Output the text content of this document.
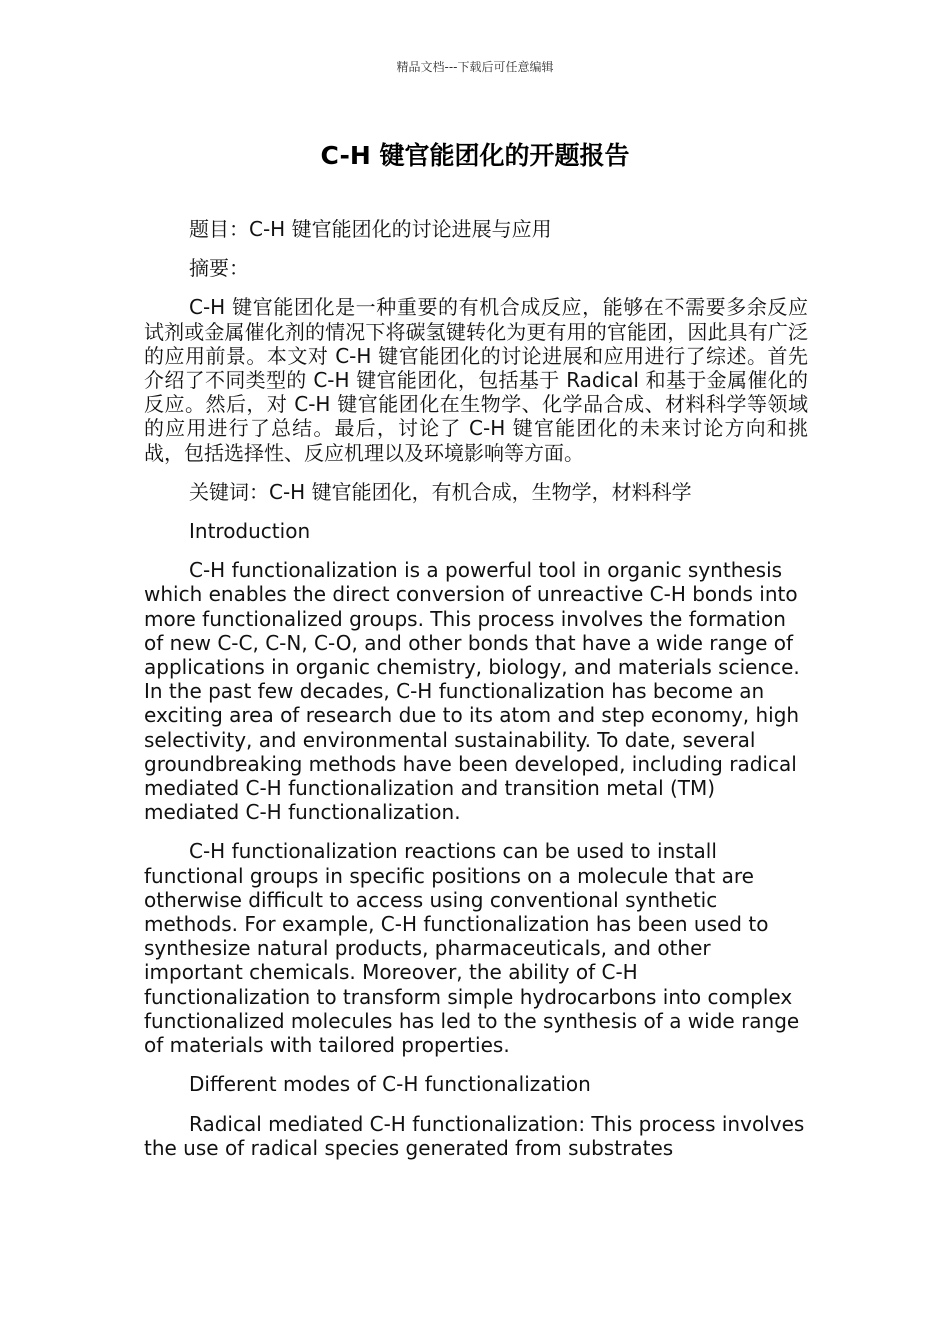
精品文档---下载后可任意编辑
C-H 键官能团化的开题报告

题目：C-H 键官能团化的讨论进展与应用

摘要：

C-H 键官能团化是一种重要的有机合成反应，能够在不需要多余反应试剂或金属催化剂的情况下将碳氢键转化为更有用的官能团，因此具有广泛的应用前景。本文对 C-H 键官能团化的讨论进展和应用进行了综述。首先介绍了不同类型的 C-H 键官能团化，包括基于 Radical 和基于金属催化的反应。然后，对 C-H 键官能团化在生物学、化学品合成、材料科学等领域的应用进行了总结。最后，讨论了 C-H 键官能团化的未来讨论方向和挑战，包括选择性、反应机理以及环境影响等方面。

关键词：C-H 键官能团化，有机合成，生物学，材料科学

Introduction

C-H functionalization is a powerful tool in organic synthesis which enables the direct conversion of unreactive C-H bonds into more functionalized groups. This process involves the formation of new C-C, C-N, C-O, and other bonds that have a wide range of applications in organic chemistry, biology, and materials science. In the past few decades, C-H functionalization has become an exciting area of research due to its atom and step economy, high selectivity, and environmental sustainability. To date, several groundbreaking methods have been developed, including radical mediated C-H functionalization and transition metal (TM) mediated C-H functionalization.

C-H functionalization reactions can be used to install functional groups in specific positions on a molecule that are otherwise difficult to access using conventional synthetic methods. For example, C-H functionalization has been used to synthesize natural products, pharmaceuticals, and other important chemicals. Moreover, the ability of C-H functionalization to transform simple hydrocarbons into complex functionalized molecules has led to the synthesis of a wide range of materials with tailored properties.

Different modes of C-H functionalization

Radical mediated C-H functionalization: This process involves the use of radical species generated from substrates
